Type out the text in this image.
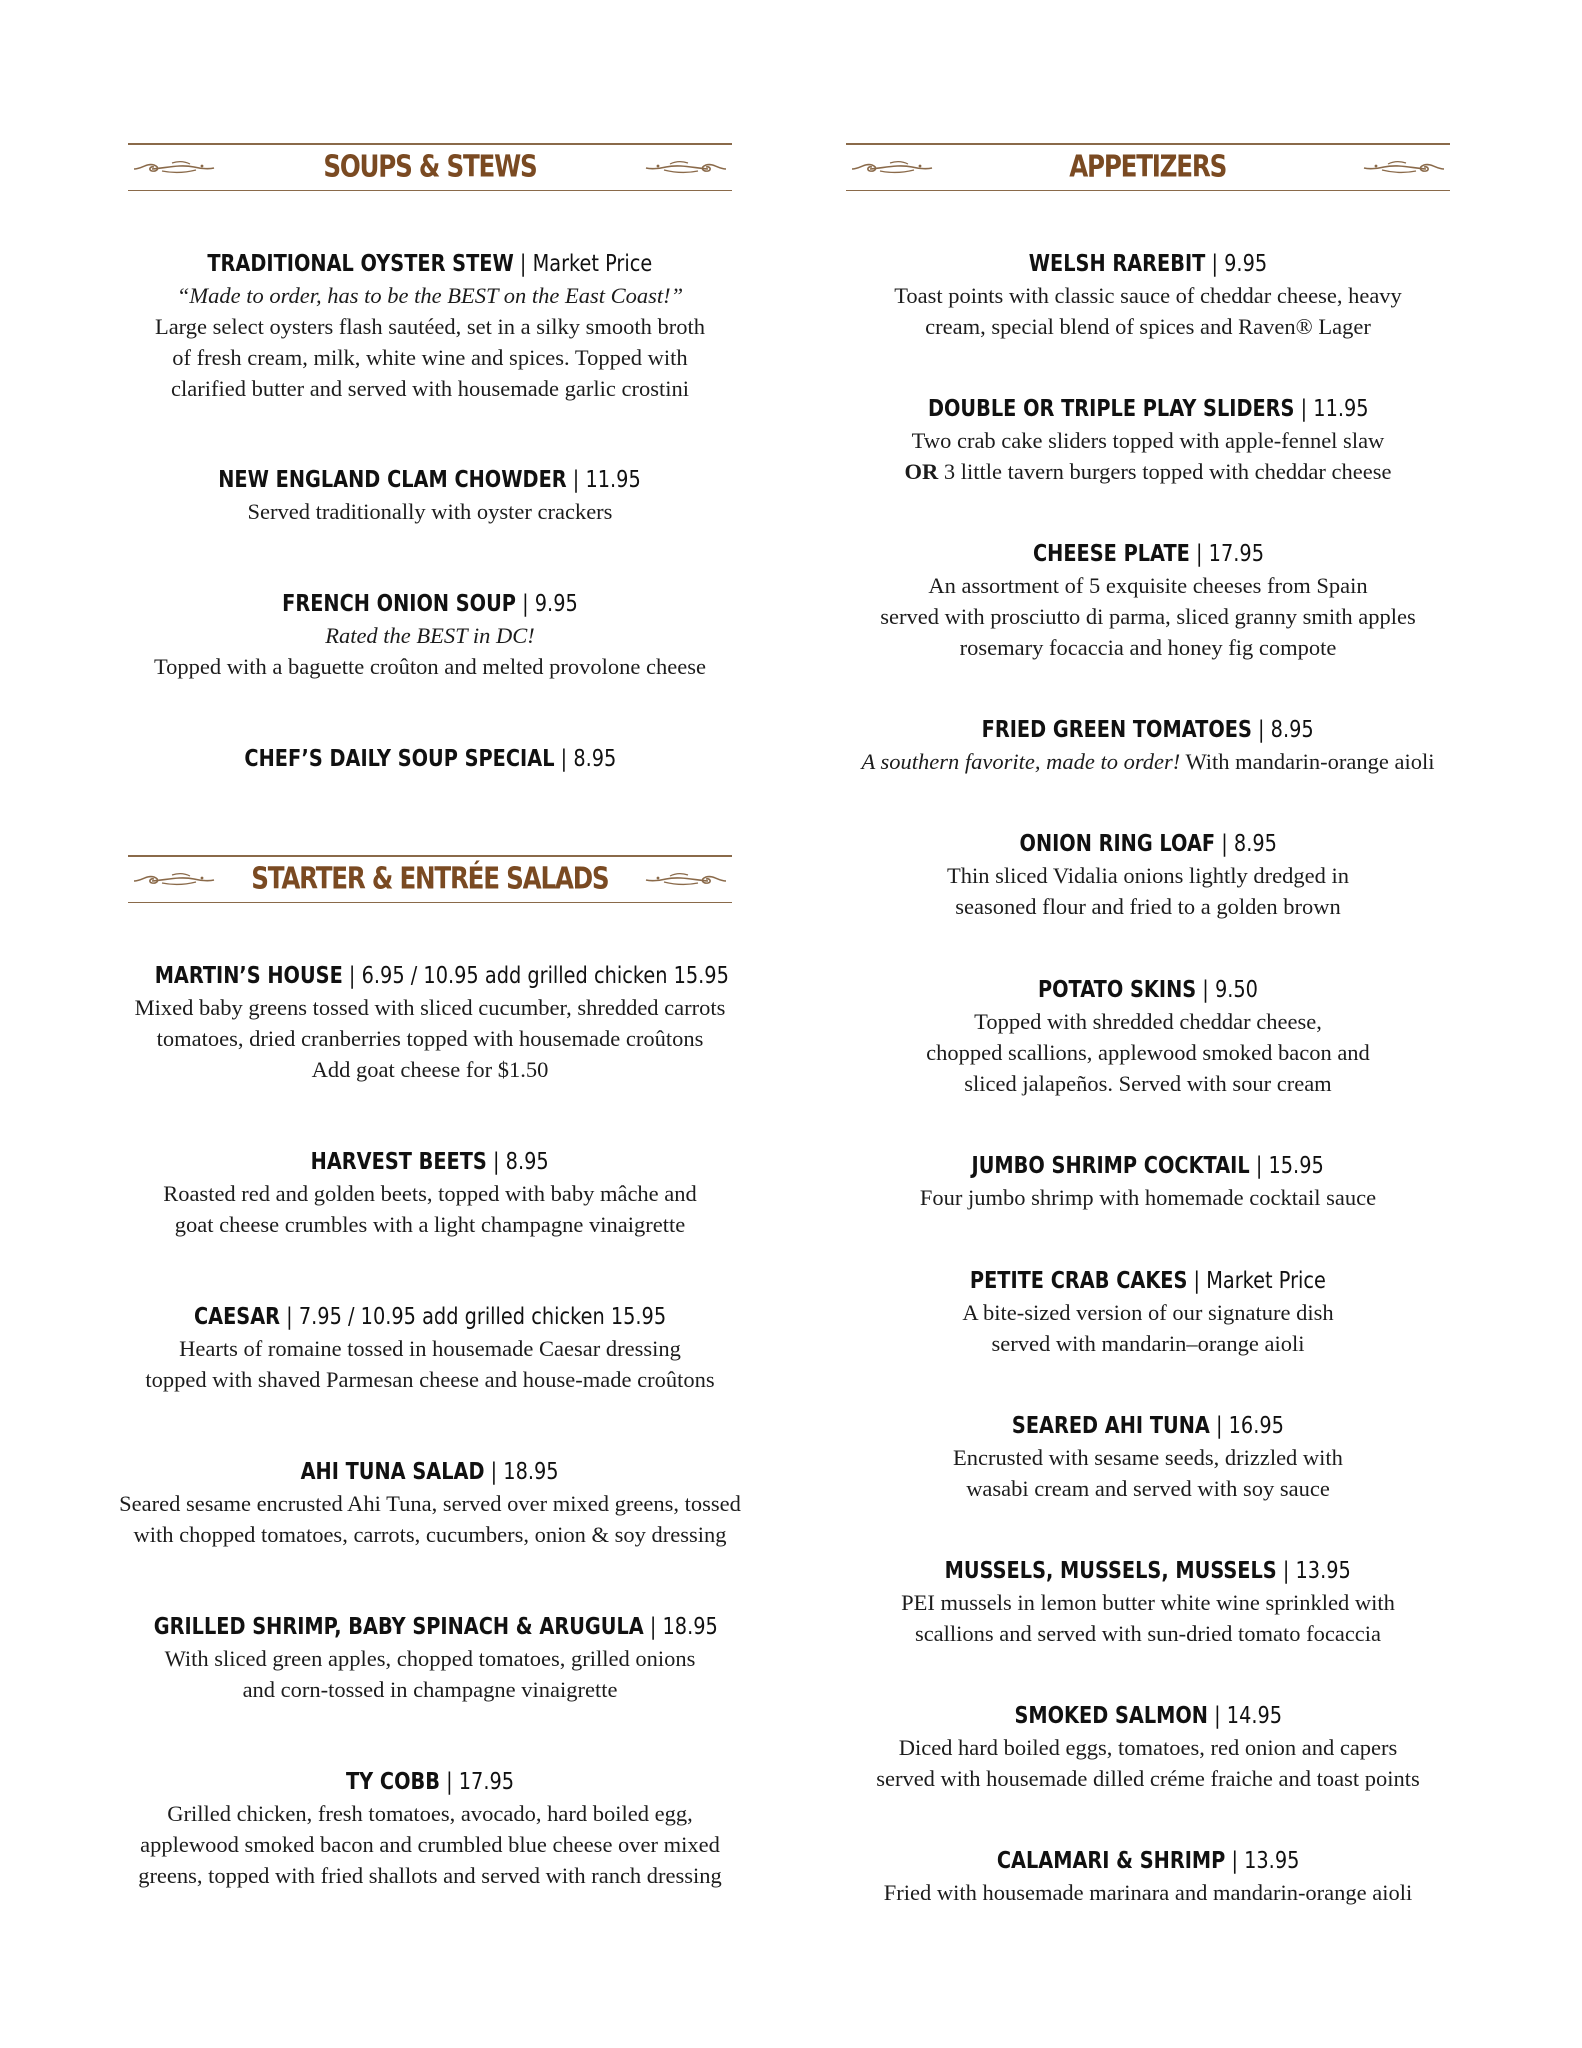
SOUPS & STEWS
TRADITIONAL OYSTER STEW | Market Price
“Made to order, has to be the BEST on the East Coast!”
Large select oysters flash sautéed, set in a silky smooth broth
of fresh cream, milk, white wine and spices. Topped with
clarified butter and served with housemade garlic crostini
NEW ENGLAND CLAM CHOWDER | 11.95
Served traditionally with oyster crackers
FRENCH ONION SOUP | 9.95
Rated the BEST in DC!
Topped with a baguette croûton and melted provolone cheese
CHEF’S DAILY SOUP SPECIAL | 8.95
STARTER & ENTRÉE SALADS
MARTIN’S HOUSE | 6.95 / 10.95 add grilled chicken 15.95
Mixed baby greens tossed with sliced cucumber, shredded carrots
tomatoes, dried cranberries topped with housemade croûtons
Add goat cheese for $1.50
HARVEST BEETS | 8.95
Roasted red and golden beets, topped with baby mâche and
goat cheese crumbles with a light champagne vinaigrette
CAESAR | 7.95 / 10.95 add grilled chicken 15.95
Hearts of romaine tossed in housemade Caesar dressing
topped with shaved Parmesan cheese and house-made croûtons
AHI TUNA SALAD | 18.95
Seared sesame encrusted Ahi Tuna, served over mixed greens, tossed
with chopped tomatoes, carrots, cucumbers, onion & soy dressing
GRILLED SHRIMP, BABY SPINACH & ARUGULA | 18.95
With sliced green apples, chopped tomatoes, grilled onions
and corn-tossed in champagne vinaigrette
TY COBB | 17.95
Grilled chicken, fresh tomatoes, avocado, hard boiled egg,
applewood smoked bacon and crumbled blue cheese over mixed
greens, topped with fried shallots and served with ranch dressing
APPETIZERS
WELSH RAREBIT | 9.95
Toast points with classic sauce of cheddar cheese, heavy
cream, special blend of spices and Raven® Lager
DOUBLE OR TRIPLE PLAY SLIDERS | 11.95
Two crab cake sliders topped with apple-fennel slaw
OR 3 little tavern burgers topped with cheddar cheese
CHEESE PLATE | 17.95
An assortment of 5 exquisite cheeses from Spain
served with prosciutto di parma, sliced granny smith apples
rosemary focaccia and honey fig compote
FRIED GREEN TOMATOES | 8.95
A southern favorite, made to order! With mandarin-orange aioli
ONION RING LOAF | 8.95
Thin sliced Vidalia onions lightly dredged in
seasoned flour and fried to a golden brown
POTATO SKINS | 9.50
Topped with shredded cheddar cheese,
chopped scallions, applewood smoked bacon and
sliced jalapeños. Served with sour cream
JUMBO SHRIMP COCKTAIL | 15.95
Four jumbo shrimp with homemade cocktail sauce
PETITE CRAB CAKES | Market Price
A bite-sized version of our signature dish
served with mandarin–orange aioli
SEARED AHI TUNA | 16.95
Encrusted with sesame seeds, drizzled with
wasabi cream and served with soy sauce
MUSSELS, MUSSELS, MUSSELS | 13.95
PEI mussels in lemon butter white wine sprinkled with
scallions and served with sun-dried tomato focaccia
SMOKED SALMON | 14.95
Diced hard boiled eggs, tomatoes, red onion and capers
served with housemade dilled créme fraiche and toast points
CALAMARI & SHRIMP | 13.95
Fried with housemade marinara and mandarin-orange aioli
